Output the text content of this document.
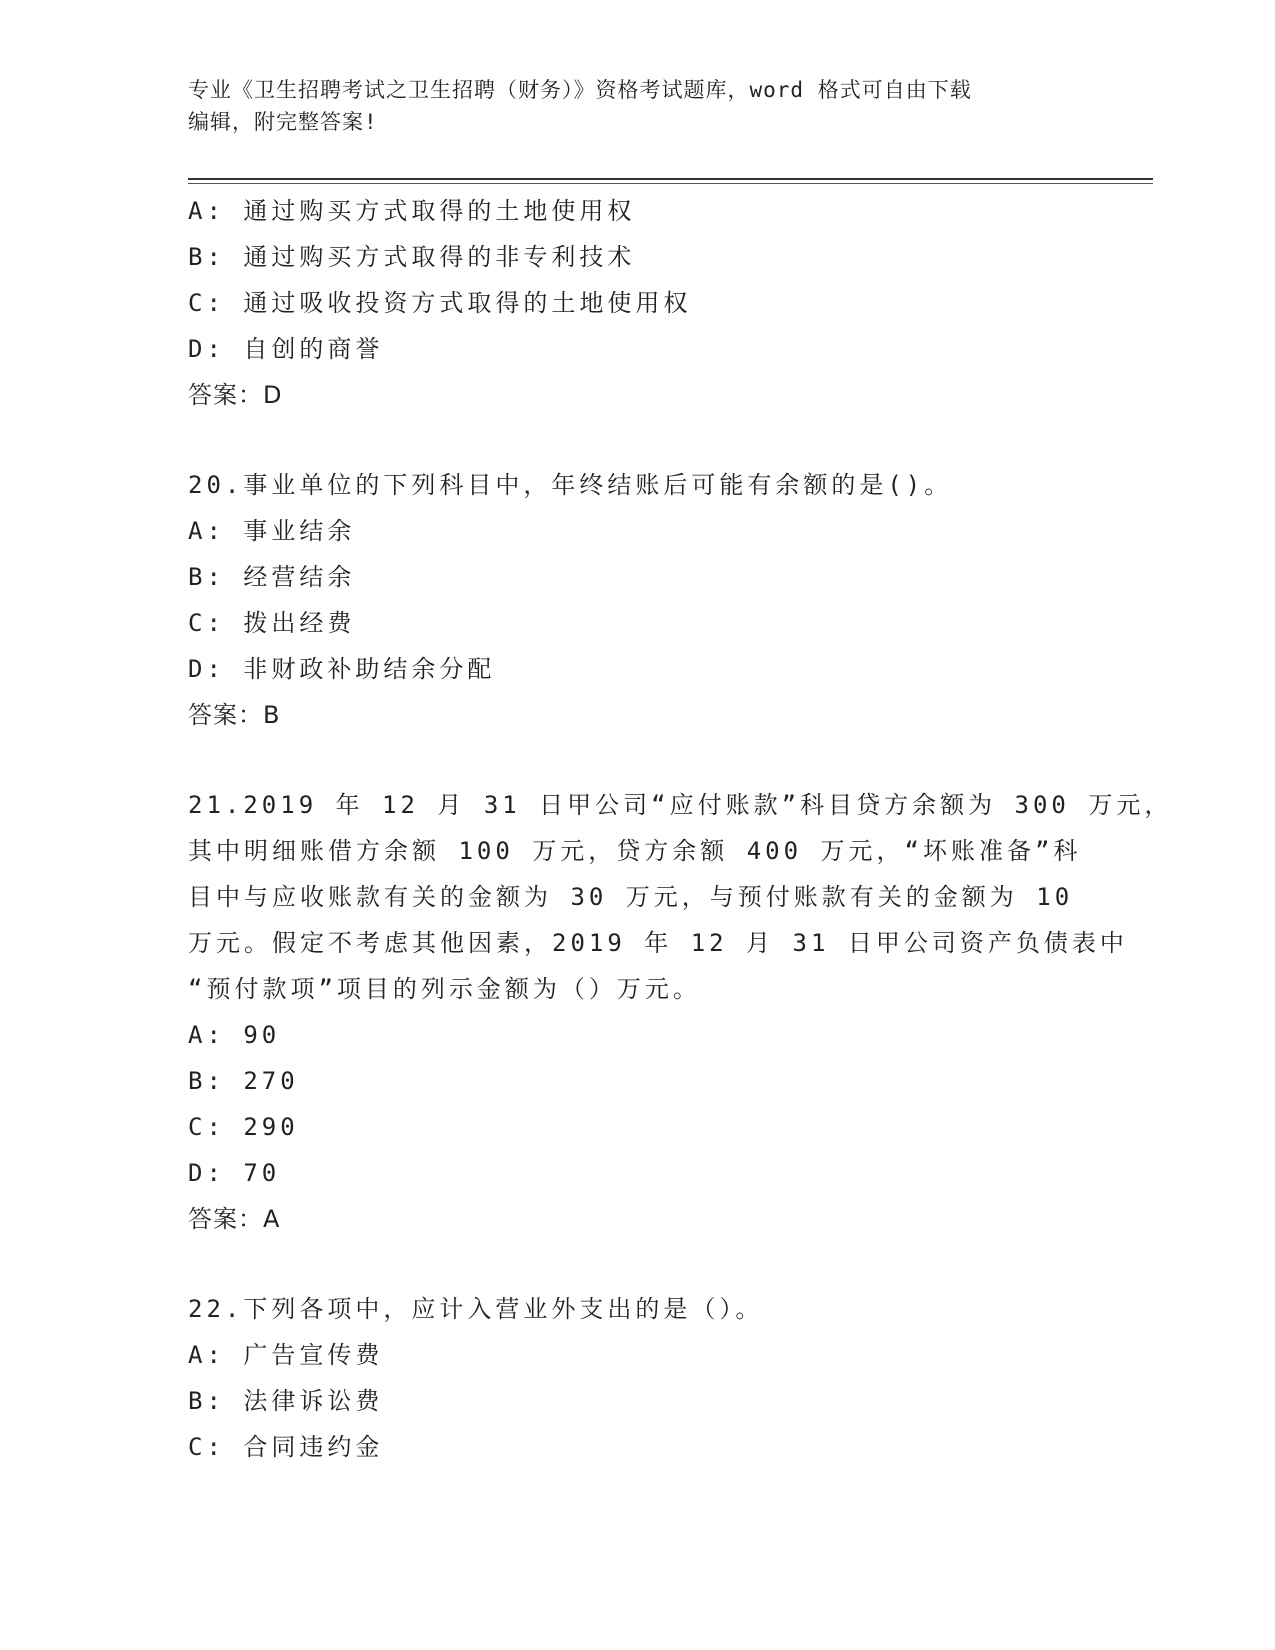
专业《卫生招聘考试之卫生招聘（财务）》资格考试题库，word 格式可自由下载
编辑，附完整答案!
A: 通过购买方式取得的土地使用权
B: 通过购买方式取得的非专利技术
C: 通过吸收投资方式取得的土地使用权
D: 自创的商誉
答案：D
20.事业单位的下列科目中，年终结账后可能有余额的是()。
A: 事业结余
B: 经营结余
C: 拨出经费
D: 非财政补助结余分配
答案：B
21.2019 年 12 月 31 日甲公司“应付账款”科目贷方余额为 300 万元，
其中明细账借方余额 100 万元，贷方余额 400 万元，“坏账准备”科
目中与应收账款有关的金额为 30 万元，与预付账款有关的金额为 10
万元。假定不考虑其他因素，2019 年 12 月 31 日甲公司资产负债表中
“预付款项”项目的列示金额为（）万元。
A: 90
B: 270
C: 290
D: 70
答案：A
22.下列各项中，应计入营业外支出的是（）。
A: 广告宣传费
B: 法律诉讼费
C: 合同违约金
